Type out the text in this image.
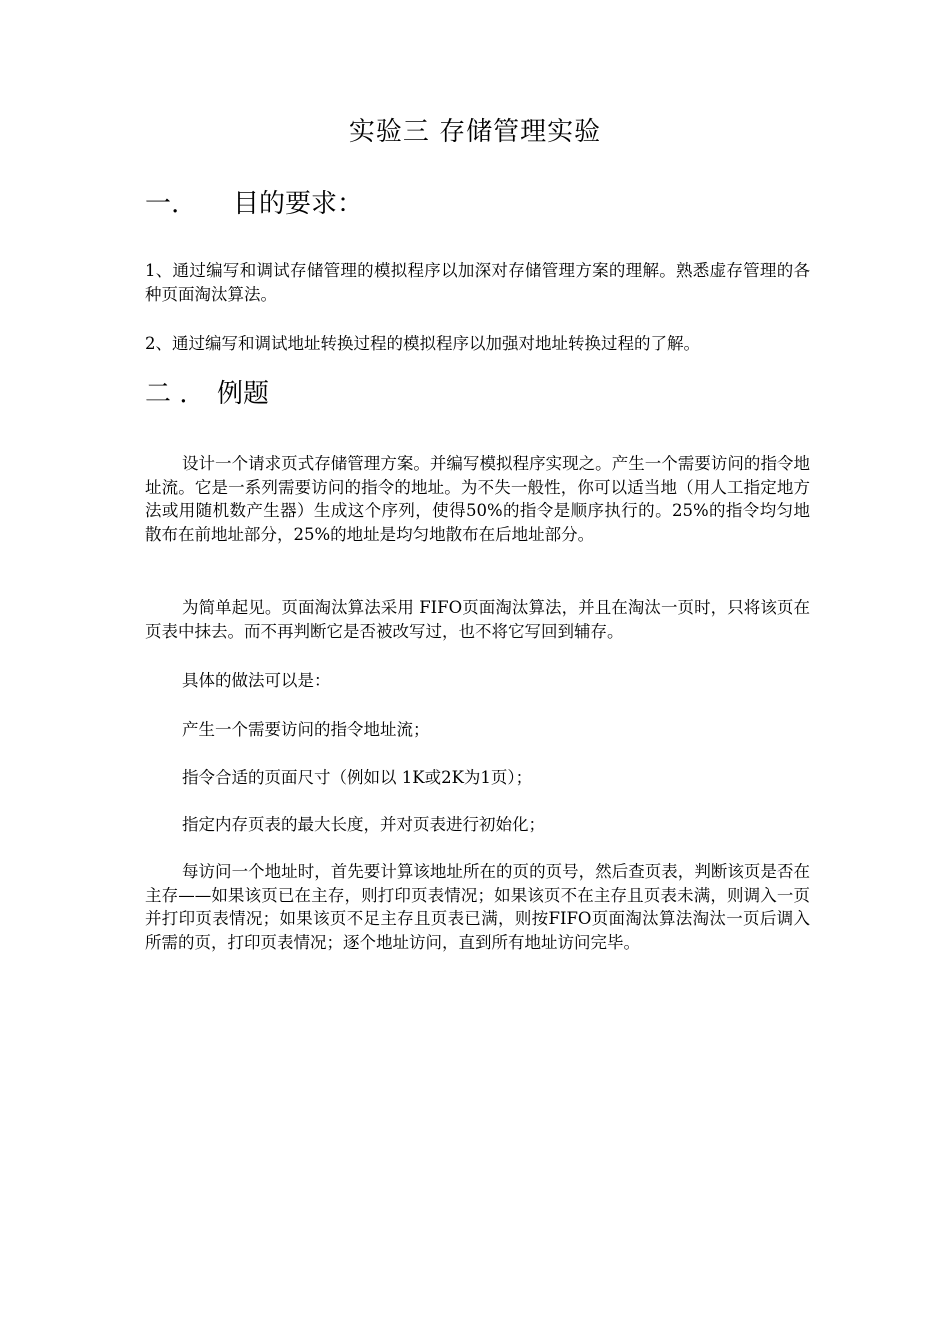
实验三 存储管理实验
一. 目的要求：

1、通过编写和调试存储管理的模拟程序以加深对存储管理方案的理解。熟悉虚存管理的各种页面淘汰算法。

2、通过编写和调试地址转换过程的模拟程序以加强对地址转换过程的了解。

二 . 例题

设计一个请求页式存储管理方案。并编写模拟程序实现之。产生一个需要访问的指令地址流。它是一系列需要访问的指令的地址。为不失一般性，你可以适当地（用人工指定地方法或用随机数产生器）生成这个序列，使得50%的指令是顺序执行的。25%的指令均匀地散布在前地址部分，25%的地址是均匀地散布在后地址部分。

为简单起见。页面淘汰算法采用 FIFO页面淘汰算法，并且在淘汰一页时，只将该页在页表中抹去。而不再判断它是否被改写过，也不将它写回到辅存。

具体的做法可以是：

产生一个需要访问的指令地址流；

指令合适的页面尺寸（例如以 1K或2K为1页）；

指定内存页表的最大长度，并对页表进行初始化；

每访问一个地址时，首先要计算该地址所在的页的页号，然后查页表，判断该页是否在主存——如果该页已在主存，则打印页表情况；如果该页不在主存且页表未满，则调入一页并打印页表情况；如果该页不足主存且页表已满，则按FIFO页面淘汰算法淘汰一页后调入所需的页，打印页表情况；逐个地址访问，直到所有地址访问完毕。
